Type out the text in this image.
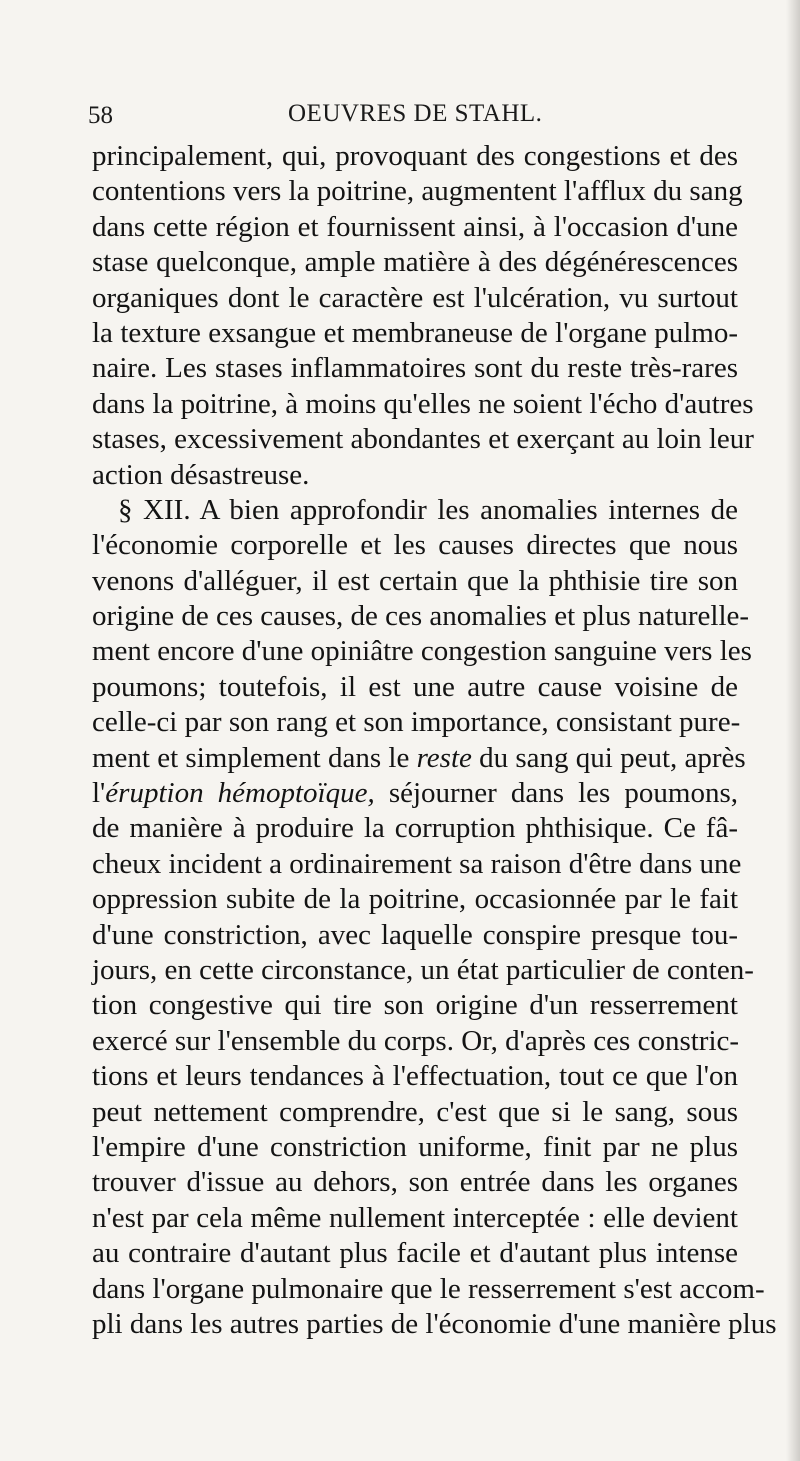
58	OEUVRES DE STAHL.
principalement, qui, provoquant des congestions et des
contentions vers la poitrine, augmentent l'afflux du sang
dans cette région et fournissent ainsi, à l'occasion d'une
stase quelconque, ample matière à des dégénérescences
organiques dont le caractère est l'ulcération, vu surtout
la texture exsangue et membraneuse de l'organe pulmo-
naire. Les stases inflammatoires sont du reste très-rares
dans la poitrine, à moins qu'elles ne soient l'écho d'autres
stases, excessivement abondantes et exerçant au loin leur
action désastreuse.
§ XII. A bien approfondir les anomalies internes de
l'économie corporelle et les causes directes que nous
venons d'alléguer, il est certain que la phthisie tire son
origine de ces causes, de ces anomalies et plus naturelle-
ment encore d'une opiniâtre congestion sanguine vers les
poumons; toutefois, il est une autre cause voisine de
celle-ci par son rang et son importance, consistant pure-
ment et simplement dans le reste du sang qui peut, après
l'éruption hémoptoïque, séjourner dans les poumons,
de manière à produire la corruption phthisique. Ce fâ-
cheux incident a ordinairement sa raison d'être dans une
oppression subite de la poitrine, occasionnée par le fait
d'une constriction, avec laquelle conspire presque tou-
jours, en cette circonstance, un état particulier de conten-
tion congestive qui tire son origine d'un resserrement
exercé sur l'ensemble du corps. Or, d'après ces constric-
tions et leurs tendances à l'effectuation, tout ce que l'on
peut nettement comprendre, c'est que si le sang, sous
l'empire d'une constriction uniforme, finit par ne plus
trouver d'issue au dehors, son entrée dans les organes
n'est par cela même nullement interceptée : elle devient
au contraire d'autant plus facile et d'autant plus intense
dans l'organe pulmonaire que le resserrement s'est accom-
pli dans les autres parties de l'économie d'une manière plus
